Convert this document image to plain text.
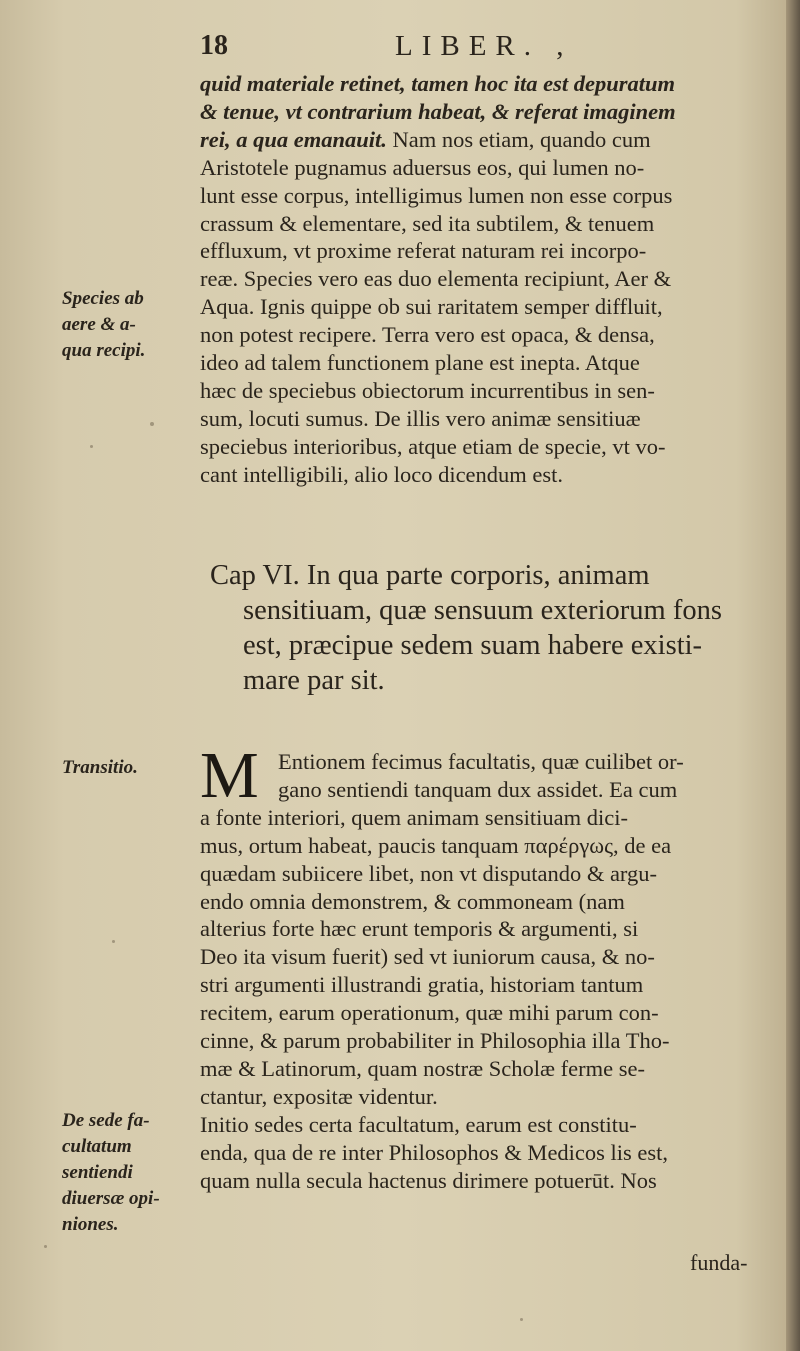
18	LIBER. ,
quid materiale retinet, tamen hoc ita est depuratum
& tenue, vt contrarium habeat, & referat imaginem
rei, a qua emanauit. Nam nos etiam, quando cum
Aristotele pugnamus aduersus eos, qui lumen no-
lunt esse corpus, intelligimus lumen non esse corpus
crassum & elementare, sed ita subtilem, & tenuem
effluxum, vt proxime referat naturam rei incorpo-
reæ. Species vero eas duo elementa recipiunt, Aer &
Aqua. Ignis quippe ob sui raritatem semper diffluit,
non potest recipere. Terra vero est opaca, & densa,
ideo ad talem functionem plane est inepta. Atque
hæc de speciebus obiectorum incurrentibus in sen-
sum, locuti sumus. De illis vero animæ sensitiuæ
speciebus interioribus, atque etiam de specie, vt vo-
cant intelligibili, alio loco dicendum est.
Cap VI. In qua parte corporis, animam
sensitiuam, quæ sensuum exteriorum fons
est, præcipue sedem suam habere existi-
mare par sit.
M Entionem fecimus facultatis, quæ cuilibet or-
gano sentiendi tanquam dux assidet. Ea cum
a fonte interiori, quem animam sensitiuam dici-
mus, ortum habeat, paucis tanquam παρέργως, de ea
quædam subiicere libet, non vt disputando & argu-
endo omnia demonstrem, & commoneam (nam
alterius forte hæc erunt temporis & argumenti, si
Deo ita visum fuerit) sed vt iuniorum causa, & no-
stri argumenti illustrandi gratia, historiam tantum
recitem, earum operationum, quæ mihi parum con-
cinne, & parum probabiliter in Philosophia illa Tho-
mæ & Latinorum, quam nostræ Scholæ ferme se-
ctantur, expositæ videntur.
Initio sedes certa facultatum, earum est constitu-
enda, qua de re inter Philosophos & Medicos lis est,
quam nulla secula hactenus dirimere potuerūt. Nos
funda-
Species ab
aere & a-
qua recipi.
Transitio.
De sede fa-
cultatum
sentiendi
diuersæ opi-
niones.
